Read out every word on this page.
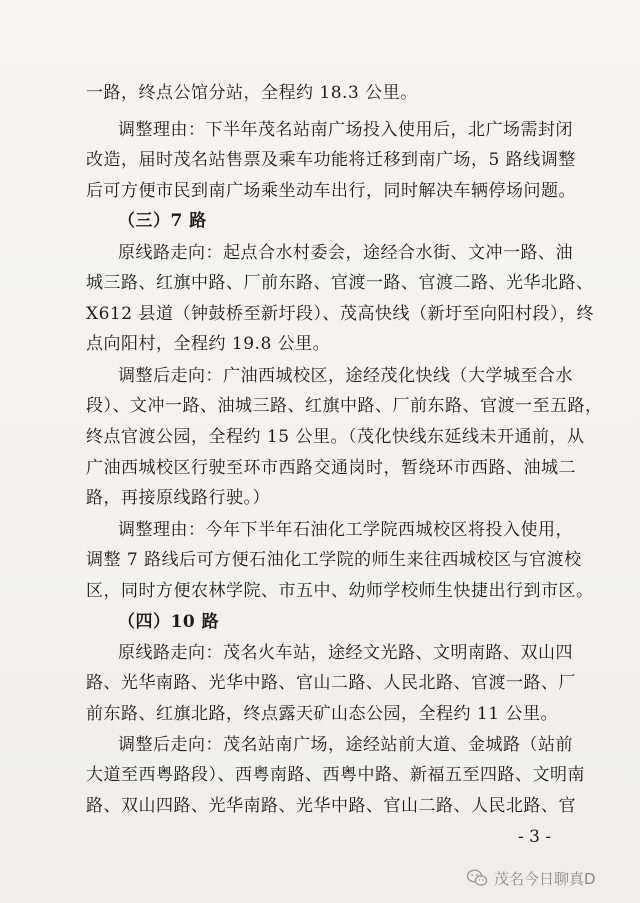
一路，终点公馆分站，全程约 18.3 公里。
调整理由：下半年茂名站南广场投入使用后，北广场需封闭
改造，届时茂名站售票及乘车功能将迁移到南广场，5 路线调整
后可方便市民到南广场乘坐动车出行，同时解决车辆停场问题。
（三）7 路
原线路走向：起点合水村委会，途经合水街、文冲一路、油
城三路、红旗中路、厂前东路、官渡一路、官渡二路、光华北路、
X612 县道（钟鼓桥至新圩段）、茂高快线（新圩至向阳村段），终
点向阳村，全程约 19.8 公里。
调整后走向：广油西城校区，途经茂化快线（大学城至合水
段）、文冲一路、油城三路、红旗中路、厂前东路、官渡一至五路，
终点官渡公园，全程约 15 公里。（茂化快线东延线未开通前，从
广油西城校区行驶至环市西路交通岗时，暂绕环市西路、油城二
路，再接原线路行驶。）
调整理由：今年下半年石油化工学院西城校区将投入使用，
调整 7 路线后可方便石油化工学院的师生来往西城校区与官渡校
区，同时方便农林学院、市五中、幼师学校师生快捷出行到市区。
（四）10 路
原线路走向：茂名火车站，途经文光路、文明南路、双山四
路、光华南路、光华中路、官山二路、人民北路、官渡一路、厂
前东路、红旗北路，终点露天矿山态公园，全程约 11 公里。
调整后走向：茂名站南广场，途经站前大道、金城路（站前
大道至西粤路段）、西粤南路、西粤中路、新福五至四路、文明南
路、双山四路、光华南路、光华中路、官山二路、人民北路、官
- 3 -
茂名今日聊真D
